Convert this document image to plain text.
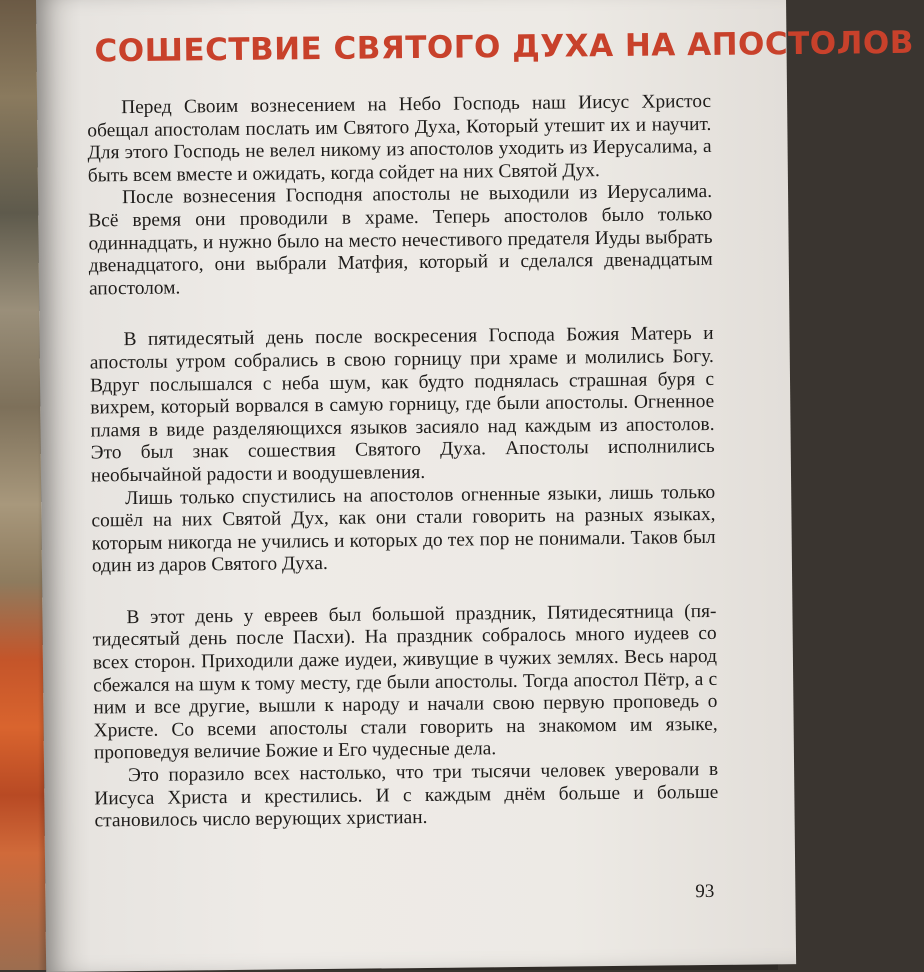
СОШЕСТВИЕ СВЯТОГО ДУХА НА АПОСТОЛОВ

Перед Своим вознесением на Небо Господь наш Иисус Христос обещал апостолам послать им Святого Духа, Который утешит их и научит. Для этого Господь не велел никому из апостолов уходить из Иерусалима, а быть всем вместе и ожидать, когда сойдет на них Святой Дух.

После вознесения Господня апостолы не выходили из Иерусалима. Всё время они проводили в храме. Теперь апостолов было только одиннадцать, и нужно было на место нечестивого предателя Иуды выбрать двенадцатого, они выбрали Матфия, который и сделался двенадцатым апостолом.

В пятидесятый день после воскресения Господа Божия Матерь и апостолы утром собрались в свою горницу при храме и молились Богу. Вдруг послышался с неба шум, как будто поднялась страшная буря с вихрем, который ворвался в самую горницу, где были апостолы. Огненное пламя в виде разделяющихся языков засияло над каждым из апостолов. Это был знак сошествия Святого Духа. Апостолы исполнились необычайной радости и воодушевления.

Лишь только спустились на апостолов огненные языки, лишь только сошёл на них Святой Дух, как они стали говорить на разных языках, которым никогда не учились и которых до тех пор не понимали. Таков был один из даров Святого Духа.

В этот день у евреев был большой праздник, Пятидесятница (пятидесятый день после Пасхи). На праздник собралось много иудеев со всех сторон. Приходили даже иудеи, живущие в чужих землях. Весь народ сбежался на шум к тому месту, где были апостолы. Тогда апостол Пётр, а с ним и все другие, вышли к народу и начали свою первую проповедь о Христе. Со всеми апостолы стали говорить на знакомом им языке, проповедуя величие Божие и Его чудесные дела.

Это поразило всех настолько, что три тысячи человек уверовали в Иисуса Христа и крестились. И с каждым днём больше и больше становилось число верующих христиан.

93
